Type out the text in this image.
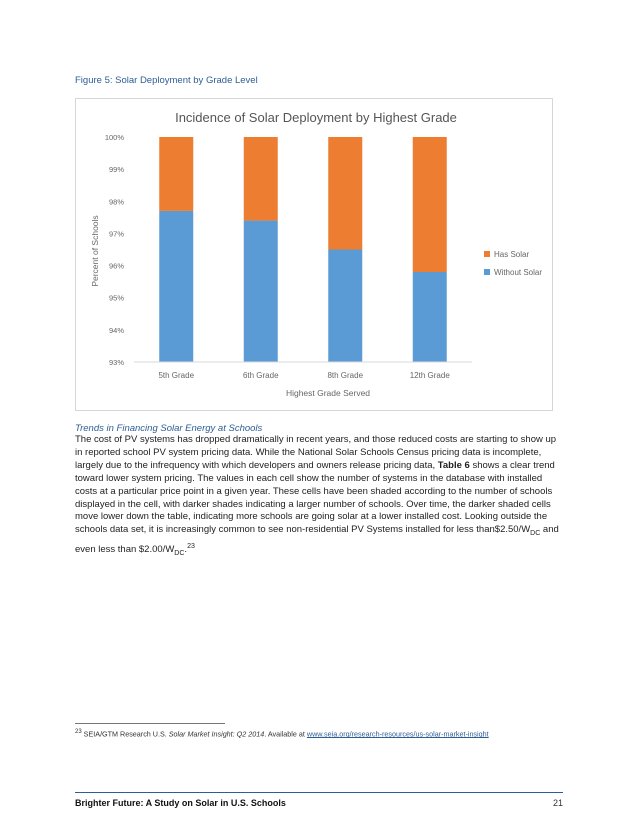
Figure 5: Solar Deployment by Grade Level
Incidence of Solar Deployment by Highest Grade
Highest Grade Served
Percent of Schools
93%
94%
95%
96%
97%
98%
99%
100%
5th Grade	6th Grade	8th Grade	12th Grade
Has Solar
Without Solar
Trends in Financing Solar Energy at Schools
The cost of PV systems has dropped dramatically in recent years, and those reduced costs are starting to show up in reported school PV system pricing data. While the National Solar Schools Census pricing data is incomplete, largely due to the infrequency with which developers and owners release pricing data, Table 6 shows a clear trend toward lower system pricing. The values in each cell show the number of systems in the database with installed costs at a particular price point in a given year. These cells have been shaded according to the number of schools displayed in the cell, with darker shades indicating a larger number of schools. Over time, the darker shaded cells move lower down the table, indicating more schools are going solar at a lower installed cost. Looking outside the schools data set, it is increasingly common to see non-residential PV Systems installed for less $than\$2.50/W_{DC}$ and even less than $\$2.00/W_{DC}.^{23}$
$^{23}$ SEIA/GTM Research U.S. Solar Market Insight: Q2 2014. Available at www.seia.org/research-resources/us-solar-market-insight
Brighter Future: A Study on Solar in U.S. Schools	21
